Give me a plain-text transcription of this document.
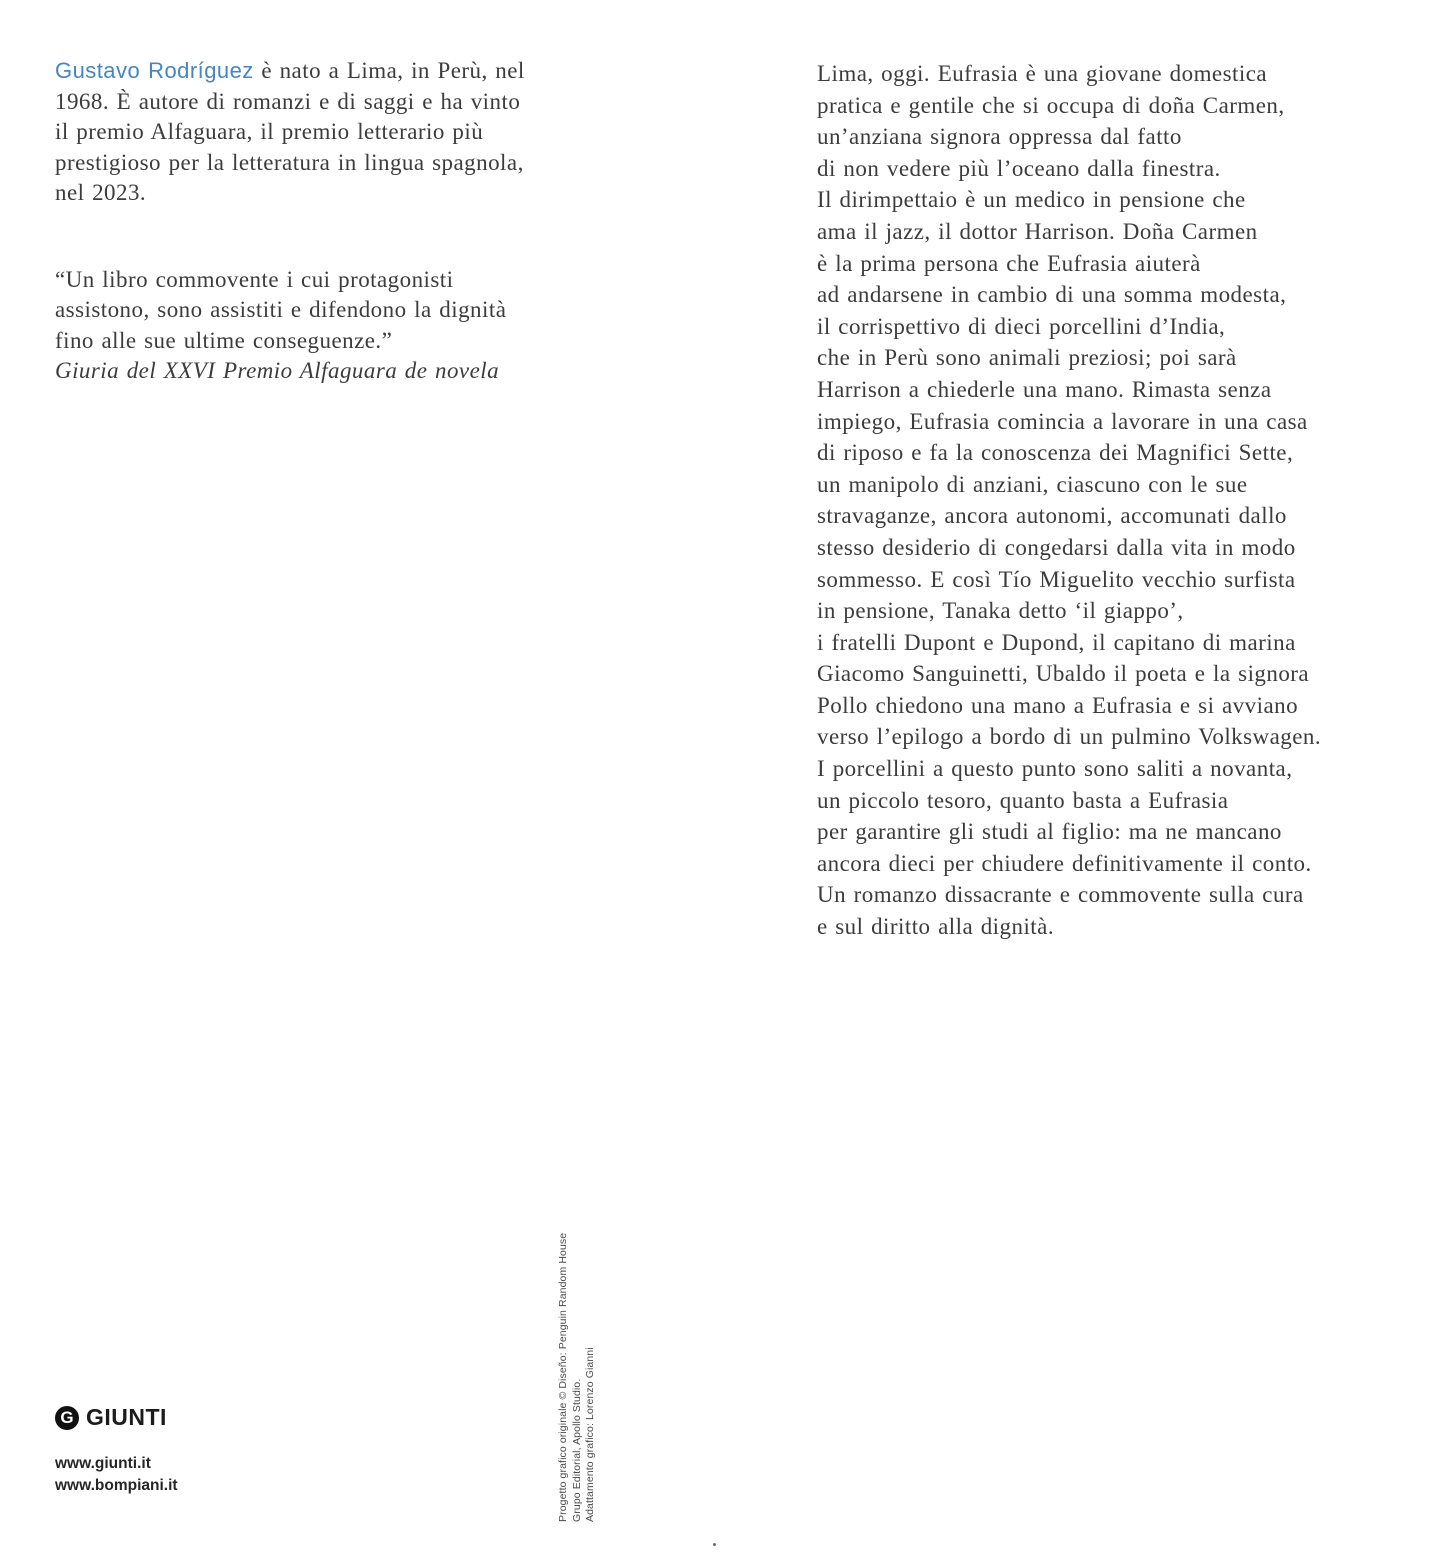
Gustavo Rodríguez è nato a Lima, in Perù, nel
1968. È autore di romanzi e di saggi e ha vinto
il premio Alfaguara, il premio letterario più
prestigioso per la letteratura in lingua spagnola,
nel 2023.
“Un libro commovente i cui protagonisti
assistono, sono assistiti e difendono la dignità
fino alle sue ultime conseguenze.”
Giuria del XXVI Premio Alfaguara de novela
Lima, oggi. Eufrasia è una giovane domestica
pratica e gentile che si occupa di doña Carmen,
un’anziana signora oppressa dal fatto
di non vedere più l’oceano dalla finestra.
Il dirimpettaio è un medico in pensione che
ama il jazz, il dottor Harrison. Doña Carmen
è la prima persona che Eufrasia aiuterà
ad andarsene in cambio di una somma modesta,
il corrispettivo di dieci porcellini d’India,
che in Perù sono animali preziosi; poi sarà
Harrison a chiederle una mano. Rimasta senza
impiego, Eufrasia comincia a lavorare in una casa
di riposo e fa la conoscenza dei Magnifici Sette,
un manipolo di anziani, ciascuno con le sue
stravaganze, ancora autonomi, accomunati dallo
stesso desiderio di congedarsi dalla vita in modo
sommesso. E così Tío Miguelito vecchio surfista
in pensione, Tanaka detto ‘il giappo’,
i fratelli Dupont e Dupond, il capitano di marina
Giacomo Sanguinetti, Ubaldo il poeta e la signora
Pollo chiedono una mano a Eufrasia e si avviano
verso l’epilogo a bordo di un pulmino Volkswagen.
I porcellini a questo punto sono saliti a novanta,
un piccolo tesoro, quanto basta a Eufrasia
per garantire gli studi al figlio: ma ne mancano
ancora dieci per chiudere definitivamente il conto.
Un romanzo dissacrante e commovente sulla cura
e sul diritto alla dignità.
Progetto grafico originale © Diseño: Penguin Random House Grupo Editorial, Apollo Studio. Adattamento grafico: Lorenzo Gianni
G GIUNTI
www.giunti.it
www.bompiani.it
